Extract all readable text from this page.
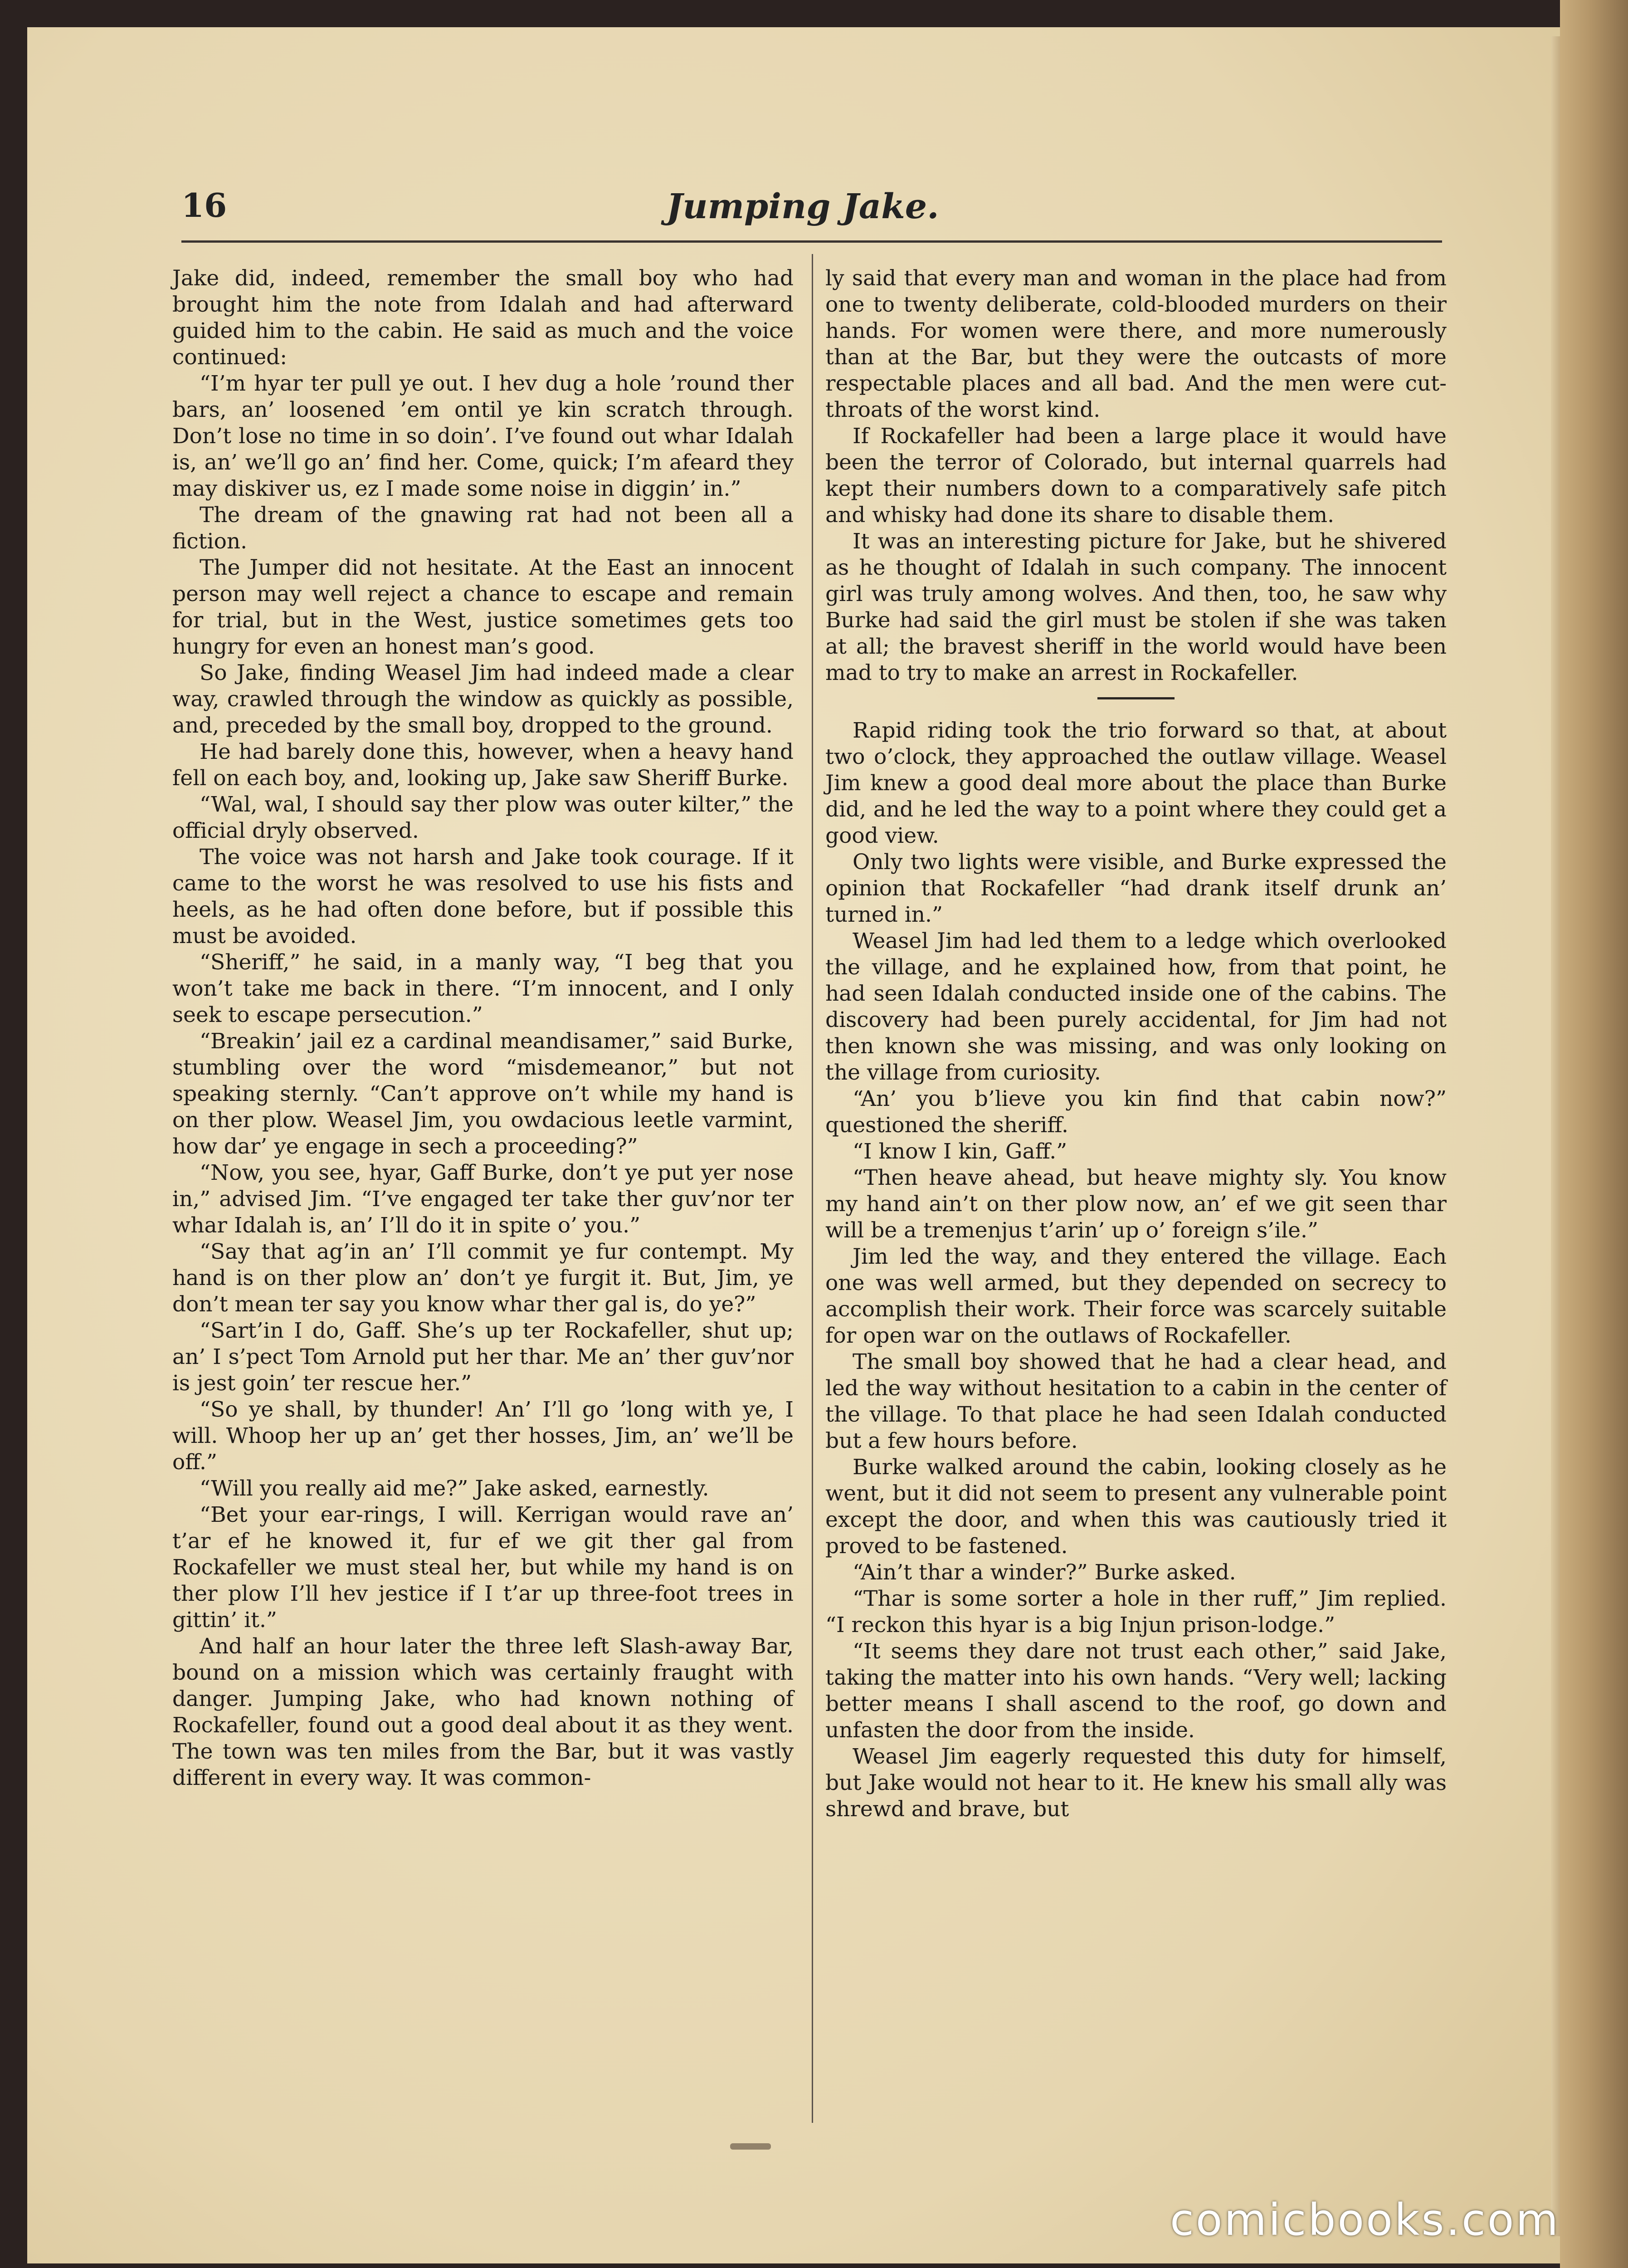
16	Jumping Jake.

Jake did, indeed, remember the small boy who had brought him the note from Idalah and had afterward guided him to the cabin. He said as much and the voice continued:

“I’m hyar ter pull ye out. I hev dug a hole ’round ther bars, an’ loosened ’em ontil ye kin scratch through. Don’t lose no time in so doin’. I’ve found out whar Idalah is, an’ we’ll go an’ find her. Come, quick; I’m afeard they may diskiver us, ez I made some noise in diggin’ in.”

The dream of the gnawing rat had not been all a fiction.

The Jumper did not hesitate. At the East an innocent person may well reject a chance to escape and remain for trial, but in the West, justice sometimes gets too hungry for even an honest man’s good.

So Jake, finding Weasel Jim had indeed made a clear way, crawled through the window as quickly as possible, and, preceded by the small boy, dropped to the ground.

He had barely done this, however, when a heavy hand fell on each boy, and, looking up, Jake saw Sheriff Burke.

“Wal, wal, I should say ther plow was outer kilter,” the official dryly observed.

The voice was not harsh and Jake took courage. If it came to the worst he was resolved to use his fists and heels, as he had often done before, but if possible this must be avoided.

“Sheriff,” he said, in a manly way, “I beg that you won’t take me back in there. “I’m innocent, and I only seek to escape persecution.”

“Breakin’ jail ez a cardinal meandisamer,” said Burke, stumbling over the word “misdemeanor,” but not speaking sternly. “Can’t approve on’t while my hand is on ther plow. Weasel Jim, you owdacious leetle varmint, how dar’ ye engage in sech a proceeding?”

“Now, you see, hyar, Gaff Burke, don’t ye put yer nose in,” advised Jim. “I’ve engaged ter take ther guv’nor ter whar Idalah is, an’ I’ll do it in spite o’ you.”

“Say that ag’in an’ I’ll commit ye fur contempt. My hand is on ther plow an’ don’t ye furgit it. But, Jim, ye don’t mean ter say you know whar ther gal is, do ye?”

“Sart’in I do, Gaff. She’s up ter Rockafeller, shut up; an’ I s’pect Tom Arnold put her thar. Me an’ ther guv’nor is jest goin’ ter rescue her.”

“So ye shall, by thunder! An’ I’ll go ’long with ye, I will. Whoop her up an’ get ther hosses, Jim, an’ we’ll be off.”

“Will you really aid me?” Jake asked, earnestly.

“Bet your ear-rings, I will. Kerrigan would rave an’ t’ar ef he knowed it, fur ef we git ther gal from Rockafeller we must steal her, but while my hand is on ther plow I’ll hev jestice if I t’ar up three-foot trees in gittin’ it.”

And half an hour later the three left Slash-away Bar, bound on a mission which was certainly fraught with danger. Jumping Jake, who had known nothing of Rockafeller, found out a good deal about it as they went. The town was ten miles from the Bar, but it was vastly different in every way. It was common-

ly said that every man and woman in the place had from one to twenty deliberate, cold-blooded murders on their hands. For women were there, and more numerously than at the Bar, but they were the outcasts of more respectable places and all bad. And the men were cut-throats of the worst kind.

If Rockafeller had been a large place it would have been the terror of Colorado, but internal quarrels had kept their numbers down to a comparatively safe pitch and whisky had done its share to disable them.

It was an interesting picture for Jake, but he shivered as he thought of Idalah in such company. The innocent girl was truly among wolves. And then, too, he saw why Burke had said the girl must be stolen if she was taken at all; the bravest sheriff in the world would have been mad to try to make an arrest in Rockafeller.

Rapid riding took the trio forward so that, at about two o’clock, they approached the outlaw village. Weasel Jim knew a good deal more about the place than Burke did, and he led the way to a point where they could get a good view.

Only two lights were visible, and Burke expressed the opinion that Rockafeller “had drank itself drunk an’ turned in.”

Weasel Jim had led them to a ledge which overlooked the village, and he explained how, from that point, he had seen Idalah conducted inside one of the cabins. The discovery had been purely accidental, for Jim had not then known she was missing, and was only looking on the village from curiosity.

“An’ you b’lieve you kin find that cabin now?” questioned the sheriff.

“I know I kin, Gaff.”

“Then heave ahead, but heave mighty sly. You know my hand ain’t on ther plow now, an’ ef we git seen thar will be a tremenjus t’arin’ up o’ foreign s’ile.”

Jim led the way, and they entered the village. Each one was well armed, but they depended on secrecy to accomplish their work. Their force was scarcely suitable for open war on the outlaws of Rockafeller.

The small boy showed that he had a clear head, and led the way without hesitation to a cabin in the center of the village. To that place he had seen Idalah conducted but a few hours before.

Burke walked around the cabin, looking closely as he went, but it did not seem to present any vulnerable point except the door, and when this was cautiously tried it proved to be fastened.

“Ain’t thar a winder?” Burke asked.

“Thar is some sorter a hole in ther ruff,” Jim replied. “I reckon this hyar is a big Injun prison-lodge.”

“It seems they dare not trust each other,” said Jake, taking the matter into his own hands. “Very well; lacking better means I shall ascend to the roof, go down and unfasten the door from the inside.

Weasel Jim eagerly requested this duty for himself, but Jake would not hear to it. He knew his small ally was shrewd and brave, but

comicbooks.com
